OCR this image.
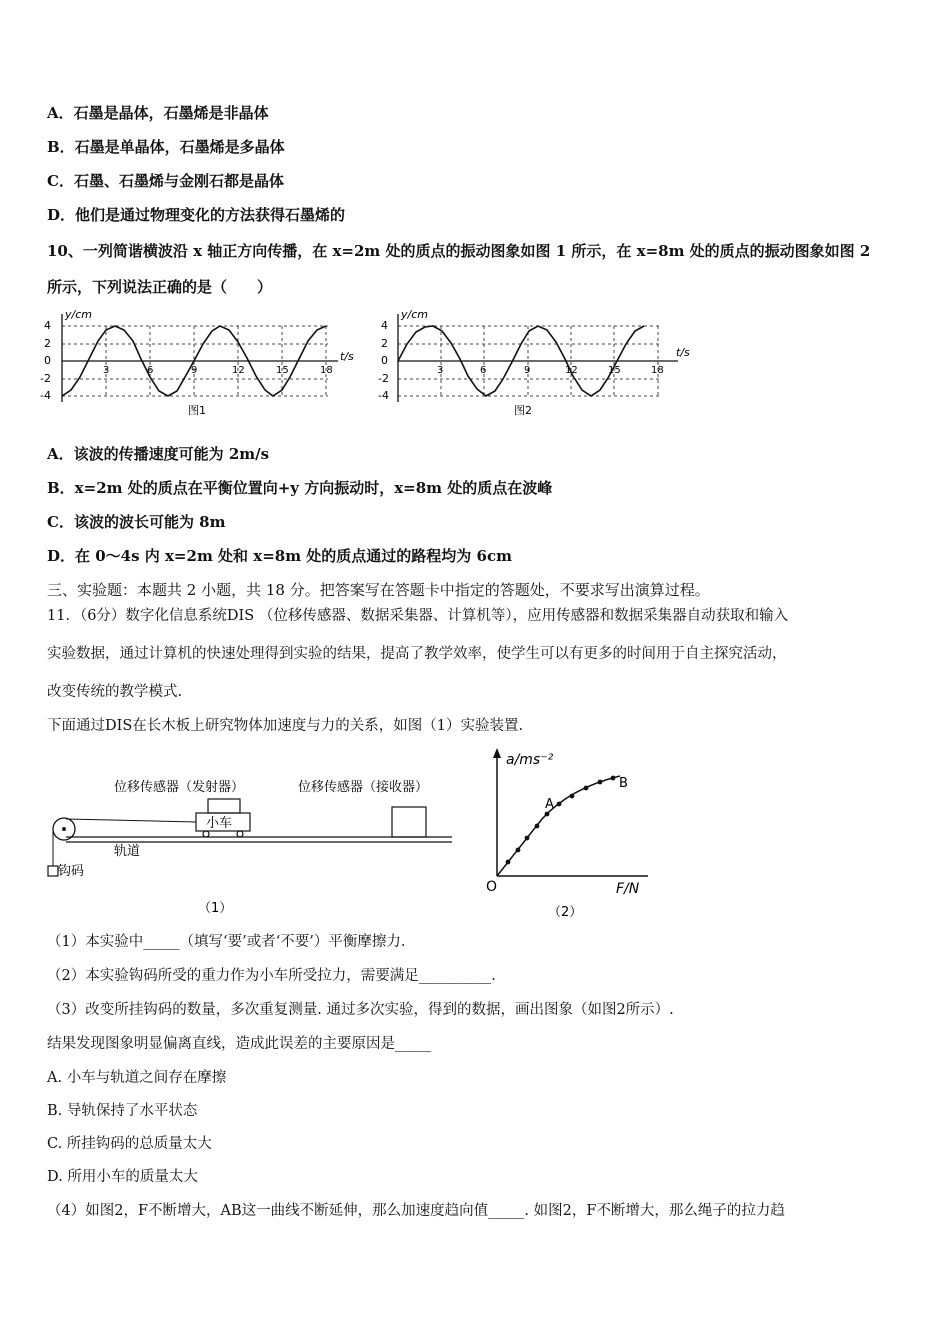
A．石墨是晶体，石墨烯是非晶体
B．石墨是单晶体，石墨烯是多晶体
C．石墨、石墨烯与金刚石都是晶体
D．他们是通过物理变化的方法获得石墨烯的
10、一列简谐横波沿 x 轴正方向传播，在 x=2m 处的质点的振动图象如图 1 所示，在 x=8m 处的质点的振动图象如图 2
所示，下列说法正确的是（　　）
4
2
0
-2
-4
y/cm
t/s
3	6	9	12	15	18
图1
4
2
0
-2
-4
y/cm
t/s
3	6	9	12	15	18
图2
A．该波的传播速度可能为 2m/s
B．x=2m 处的质点在平衡位置向+y 方向振动时，x=8m 处的质点在波峰
C．该波的波长可能为 8m
D．在 0～4s 内 x=2m 处和 x=8m 处的质点通过的路程均为 6cm
三、实验题：本题共 2 小题，共 18 分。把答案写在答题卡中指定的答题处，不要求写出演算过程。
11．（6分）数字化信息系统DIS （位移传感器、数据采集器、计算机等），应用传感器和数据采集器自动获取和输入
实验数据，通过计算机的快速处理得到实验的结果，提高了教学效率，使学生可以有更多的时间用于自主探究活动，
改变传统的教学模式.
下面通过DIS在长木板上研究物体加速度与力的关系，如图（1）实验装置.
位移传感器（发射器）	位移传感器（接收器）
小车
钩码
轨道
（1）
a/ms⁻²
F/N
O
A
B
（2）
（1）本实验中_____（填写‘要’或者‘不要’）平衡摩擦力.
（2）本实验钩码所受的重力作为小车所受拉力，需要满足__________.
（3）改变所挂钩码的数量，多次重复测量. 通过多次实验，得到的数据，画出图象（如图2所示）.
结果发现图象明显偏离直线，造成此误差的主要原因是_____
A. 小车与轨道之间存在摩擦
B. 导轨保持了水平状态
C. 所挂钩码的总质量太大
D. 所用小车的质量太大
（4）如图2，F不断增大，AB这一曲线不断延伸，那么加速度趋向值_____. 如图2，F不断增大，那么绳子的拉力趋
